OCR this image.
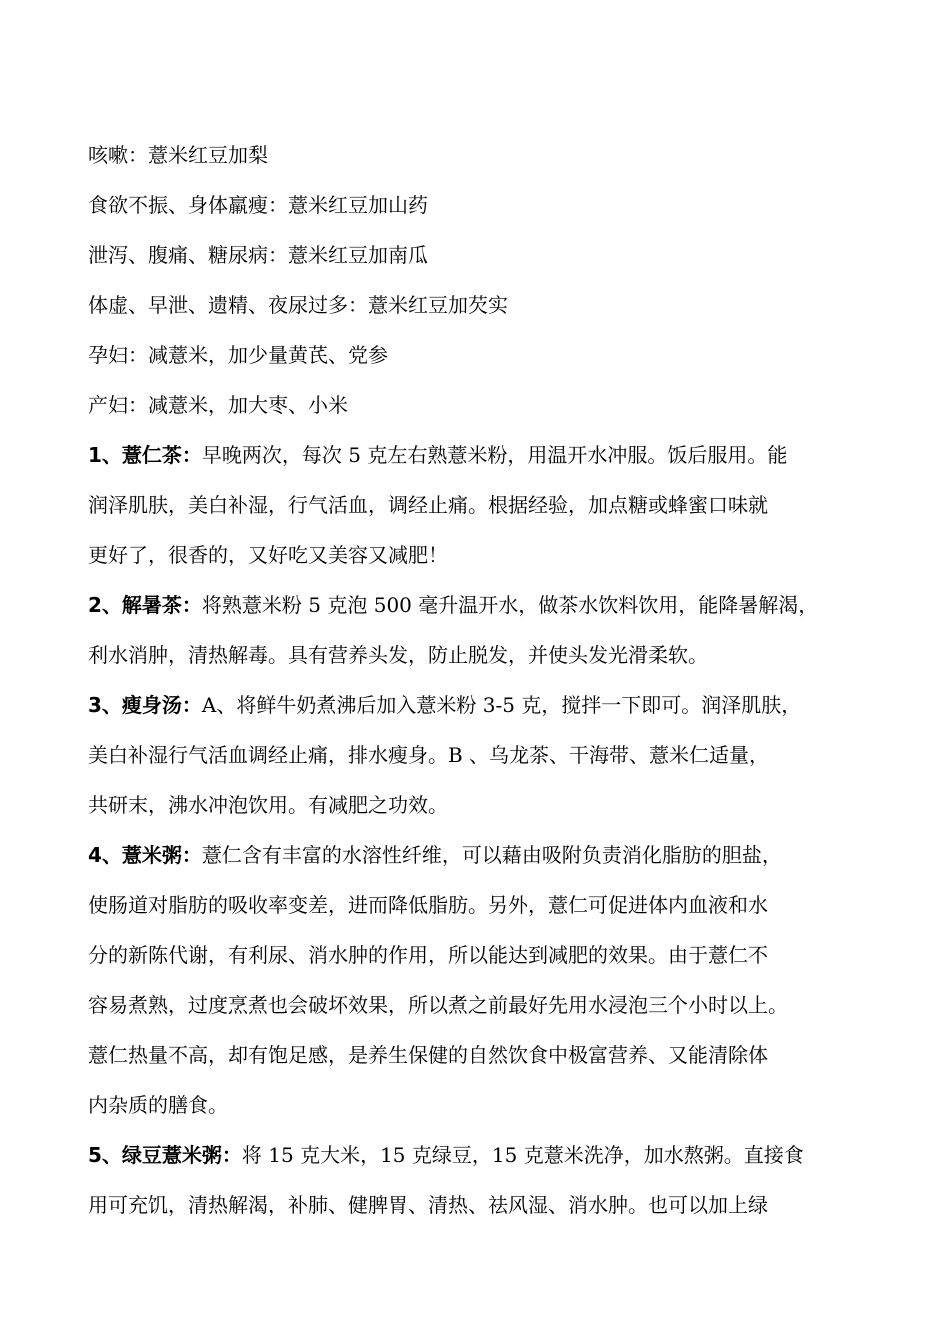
咳嗽：薏米红豆加梨

食欲不振、身体羸瘦：薏米红豆加山药

泄泻、腹痛、糖尿病：薏米红豆加南瓜

体虚、早泄、遗精、夜尿过多：薏米红豆加芡实

孕妇：减薏米，加少量黄芪、党参

产妇：减薏米，加大枣、小米

1、薏仁茶：早晚两次，每次 5 克左右熟薏米粉，用温开水冲服。饭后服用。能

润泽肌肤，美白补湿，行气活血，调经止痛。根据经验，加点糖或蜂蜜口味就

更好了，很香的，又好吃又美容又减肥！

2、解暑茶：将熟薏米粉 5 克泡 500 毫升温开水，做茶水饮料饮用，能降暑解渴，

利水消肿，清热解毒。具有营养头发，防止脱发，并使头发光滑柔软。

3、瘦身汤：A、将鲜牛奶煮沸后加入薏米粉 3-5 克，搅拌一下即可。润泽肌肤，

美白补湿行气活血调经止痛，排水瘦身。B 、乌龙茶、干海带、薏米仁适量，

共研末，沸水冲泡饮用。有减肥之功效。

4、薏米粥：薏仁含有丰富的水溶性纤维，可以藉由吸附负责消化脂肪的胆盐，

使肠道对脂肪的吸收率变差，进而降低脂肪。另外，薏仁可促进体内血液和水

分的新陈代谢，有利尿、消水肿的作用，所以能达到减肥的效果。由于薏仁不

容易煮熟，过度烹煮也会破坏效果，所以煮之前最好先用水浸泡三个小时以上。

薏仁热量不高，却有饱足感，是养生保健的自然饮食中极富营养、又能清除体

内杂质的膳食。

5、绿豆薏米粥：将 15 克大米，15 克绿豆，15 克薏米洗净，加水熬粥。直接食

用可充饥，清热解渴，补肺、健脾胃、清热、祛风湿、消水肿。也可以加上绿
